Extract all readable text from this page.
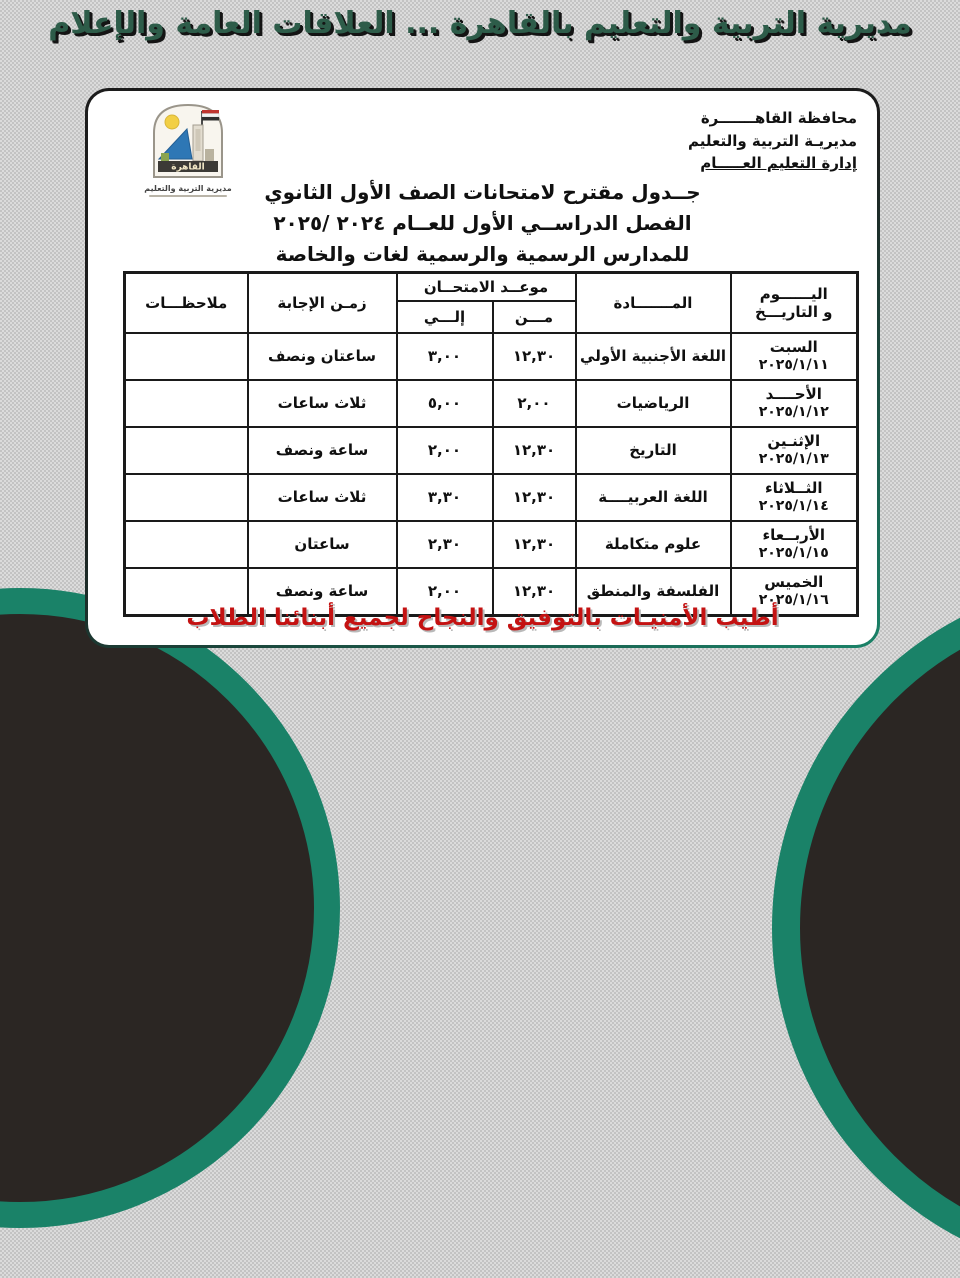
مديرية التربية والتعليم بالقاهرة ... العلاقات العامة والإعلام
محافظة القاهـــــــرة
مديريـة التربية والتعليم
إدارة التعليم العـــــام
القاهرة
مديرية التربية والتعليم	جــدول مقترح لامتحانات الصف الأول الثانوي
الفصل الدراســي الأول للعــام ٢٠٢٤ /٢٠٢٥
للمدارس الرسمية والرسمية لغات والخاصة
اليــــــوم
و التاريـــخ	المـــــــادة	موعــد الامتحــان		زمـن الإجابة	ملاحظـــات
		مـــن	إلـــي		

السبت
٢٠٢٥/١/١١	اللغة الأجنبية الأولي	١٢,٣٠	٣,٠٠	ساعتان ونصف	

الأحــــد
٢٠٢٥/١/١٢	الرياضيات	٢,٠٠	٥,٠٠	ثلاث ساعات	

الإثنـين
٢٠٢٥/١/١٣	التاريخ	١٢,٣٠	٢,٠٠	ساعة ونصف	

الثــلاثاء
٢٠٢٥/١/١٤	اللغة العربيــــة	١٢,٣٠	٣,٣٠	ثلاث ساعات	

الأربــعاء
٢٠٢٥/١/١٥	علوم متكاملة	١٢,٣٠	٢,٣٠	ساعتان	

الخميس
٢٠٢٥/١/١٦	الفلسفة والمنطق	١٢,٣٠	٢,٠٠	ساعة ونصف	
أطيب الأمنيـات بالتوفيق والنجاح لجميع أبنائنا الطلاب
